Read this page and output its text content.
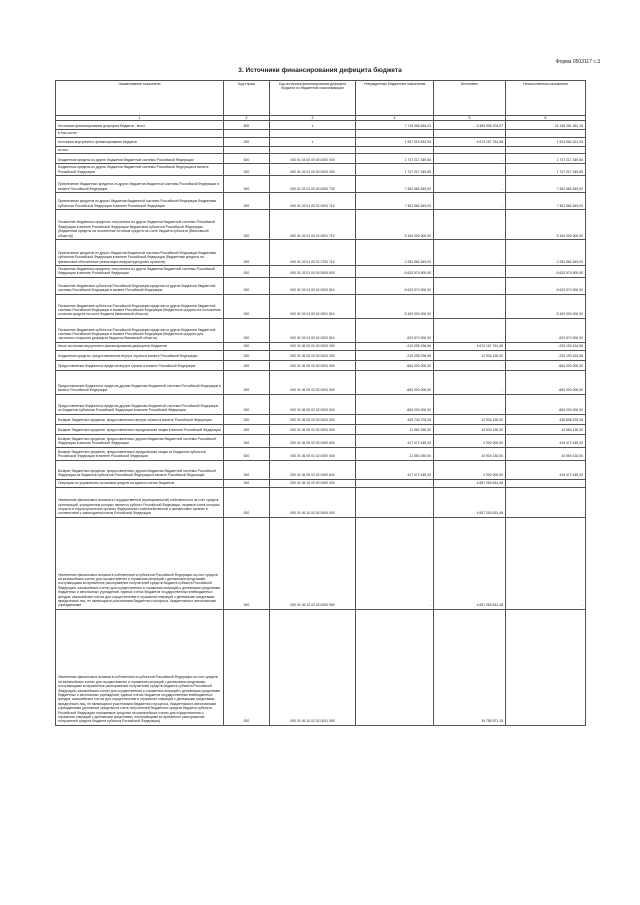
Форма 0503117 с.3
3. Источники финансирования дефицита бюджета
Наименование показателя	Код строки	Код источника финансирования дефицита бюджета по бюджетной классификации	Утвержденные бюджетные назначения	Исполнено	Неисполненные назначения
1	2	3	4	5	6
Источники финансирования дефицита бюджета - всего	500	x	7 715 565 454,22	-3 359 905 204,97	11 105 061 561,19
в том числе:					
источники внутреннего финансирования бюджета	520	x	1 597 019 451,94	4 670 167 761,48	1 524 564 321,34
из них:					
Бюджетные кредиты из других бюджетов бюджетной системы Российской Федерации	520	000 01 03 00 00 00 0000 000	1 747 217 349,65	-	1 747 217 349,65
Бюджетные кредиты из других бюджетов бюджетной системы Российской Федерации в валюте Российской Федерации	520	000 01 03 01 00 00 0000 000	1 747 217 349,65	-	1 747 217 349,65
Привлечение бюджетных кредитов из других бюджетов бюджетной системы Российской Федерации в валюте Российской Федерации	520	000 01 03 01 00 00 0000 700	7 362 562 649,00	-	7 362 562 649,00
Привлечение кредитов из других бюджетов бюджетной системы Российской Федерации бюджетами субъектов Российской Федерации в валюте Российской Федерации	520	000 01 03 01 00 02 0000 710	7 362 562 649,00	-	7 362 562 649,00
Погашение бюджетных кредитов, полученных из других бюджетов бюджетной системы Российской Федерации в валюте Российской Федерации бюджетами субъектов Российской Федерации (бюджетные кредиты на пополнение остатков средств на счете бюджета субъекта (Ивановской области))	520	000 01 03 01 00 02 0001 710	5 100 000 000,00	-	5 100 000 000,00
Привлечение кредитов из других бюджетов бюджетной системы Российской Федерации бюджетами субъектов Российской Федерации в валюте Российской Федерации (бюджетные кредиты на финансовое обеспечение реализации инфраструктурных проектов)	520	000 01 03 01 00 02 2700 710	2 262 562 649,00	-	2 262 562 649,00
Погашение бюджетных кредитов, полученных из других бюджетов бюджетной системы Российской Федерации в валюте Российской Федерации	520	000 01 03 01 00 00 0000 800	-5 620 574 900,00	-	-5 620 574 900,00
Погашение бюджетами субъектов Российской Федерации кредитов из других бюджетов бюджетной системы Российской Федерации в валюте Российской Федерации	520	000 01 03 01 00 02 0000 810	-5 620 574 900,00	-	-5 620 574 900,00
Погашение бюджетами субъектов Российской Федерации кредитов из других бюджетов бюджетной системы Российской Федерации в валюте Российской Федерации (бюджетные кредиты на пополнение остатков средств на счете бюджета Ивановской области)	520	000 01 03 01 00 02 0001 810	-5 100 000 000,00	-	-5 100 000 000,00
Погашение бюджетами субъектов Российской Федерации кредитов из других бюджетов бюджетной системы Российской Федерации в валюте Российской Федерации (бюджетные кредиты для частичного покрытия дефицита бюджета Ивановской области)	520	000 01 03 01 00 02 0002 810	-520 574 900,00	-	-520 574 900,00
Иные источники внутреннего финансирования дефицитов бюджетов	520	000 01 06 00 00 00 0000 000	-210 259 296,96	4 670 167 761,48	-225 193 424,56
Бюджетные кредиты, предоставленные внутри страны в валюте Российской Федерации	520	000 01 06 05 00 00 0000 000	-210 259 296,96	12 934 130,00	-225 193 424,56
Предоставление бюджетных кредитов внутри страны в валюте Российской Федерации	520	000 01 06 05 00 00 0000 500	-660 000 000,00	-	-660 000 000,00
Предоставление бюджетных кредитов другим бюджетам бюджетной системы Российской Федерации в валюте Российской Федерации	520	000 01 06 05 02 00 0000 500	-660 000 000,00	-	-660 000 000,00
Предоставление бюджетных кредитов другим бюджетам бюджетной системы Российской Федерации из бюджетов субъектов Российской Федерации в валюте Российской Федерации	520	000 01 06 05 02 02 0000 540	-660 000 000,00	-	-660 000 000,00
Возврат бюджетных кредитов, предоставленных внутри страны в валюте Российской Федерации	520	000 01 06 05 00 00 0000 600	449 740 703,34	12 934 130,00	436 806 575,34
Возврат бюджетных кредитов, предоставленных юридическим лицам в валюте Российской Федерации	520	000 01 06 05 01 00 0000 600	21 560 250,00	10 934 130,00	10 554 130,00
Возврат бюджетных кредитов, предоставленных другим бюджетам бюджетной системы Российской Федерации в валюте Российской Федерации	520	000 01 06 05 02 00 0000 600	417 472 445,34	2 000 000,00	415 472 445,34
Возврат бюджетных кредитов, предоставленных юридическим лицам из бюджетов субъектов Российской Федерации в валюте Российской Федерации	520	000 01 06 05 01 02 0000 640	21 560 250,00	10 934 130,00	10 554 130,00
Возврат бюджетных кредитов, предоставленных другим бюджетам бюджетной системы Российской Федерации из бюджетов субъектов Российской Федерации в валюте Российской Федерации	520	000 01 06 05 02 02 0000 640	417 472 445,34	2 000 000,00	415 472 445,34
Операции по управлению остатками средств на единых счетах бюджетов	520	000 01 06 10 00 00 0000 000	-	4 657 263 631,48	-
Увеличение финансовых активов в государственной (муниципальной) собственности за счет средств организаций, учредителем которых является субъект Российской Федерации, лицевые счета которым открыты в территориальных органах Федерального казначейства или в финансовых органах в соответствии с законодательством Российской Федерации	520	000 01 06 10 02 00 0000 500	-	4 657 263 631,48	-
Увеличение финансовых активов в собственности субъектов Российской Федерации за счет средств на казначейских счетах для осуществления и отражения операций с денежными средствами, поступающими во временное распоряжение получателей средств бюджета субъекта Российской Федерации, казначейских счетах для осуществления и отражения операций с денежными средствами бюджетных и автономных учреждений, единых счетах бюджетов государственных внебюджетных фондов, казначейских счетах для осуществления и отражения операций с денежными средствами юридических лиц, не являющихся участниками бюджетного процесса, бюджетными и автономными учреждениями	520	000 01 06 10 02 02 0000 550	-	4 657 263 631,48	-
Увеличение финансовых активов в собственности субъектов Российской Федерации за счет средств на казначейских счетах для осуществления и отражения операций с денежными средствами, поступающими во временное распоряжение получателей средств бюджета субъекта Российской Федерации, казначейских счетах для осуществления и отражения операций с денежными средствами бюджетных и автономных учреждений, единых счетах бюджетов государственных внебюджетных фондов, казначейских счетах для осуществления и отражения операций с денежными средствами юридических лиц, не являющихся участниками бюджетного процесса, бюджетными и автономными учреждениями (денежные средства на счете получателей бюджетных средств бюджета субъекта Российской Федерации отражаемые средства на казначейских счетах для осуществления и отражения операций с денежными средствами, поступающими во временное распоряжение получателей средств бюджета субъекта Российской Федерации)	520	000 01 06 10 02 02 0001 550	-	19 785 971,15	-
